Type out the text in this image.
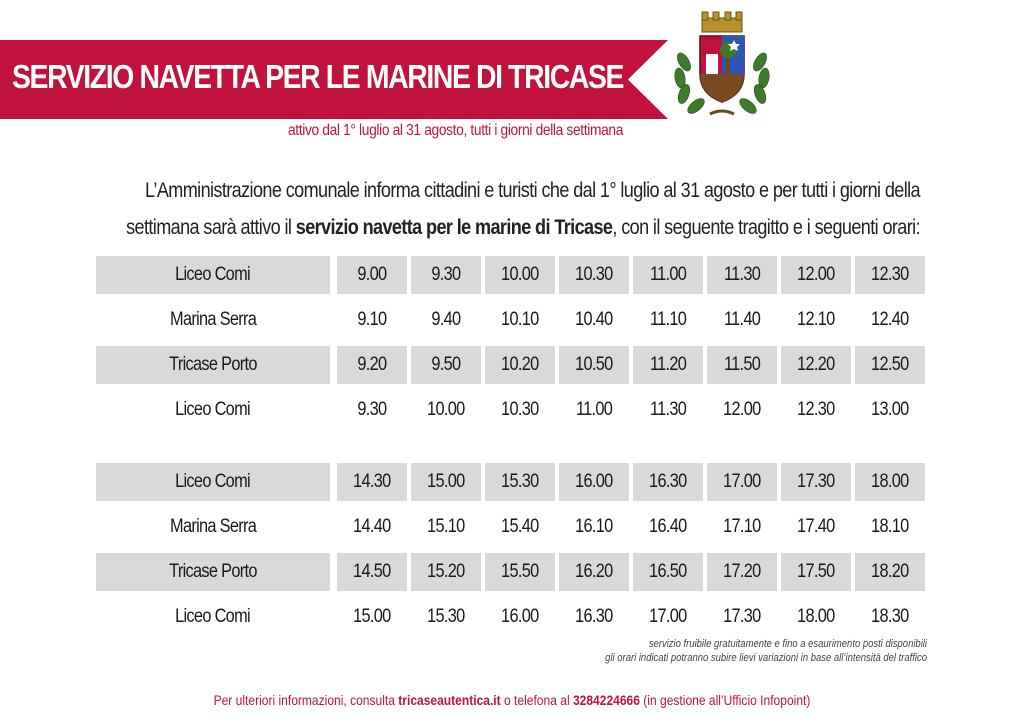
SERVIZIO NAVETTA PER LE MARINE DI TRICASE
attivo dal 1° luglio al 31 agosto, tutti i giorni della settimana

L’Amministrazione comunale informa cittadini e turisti che dal 1° luglio al 31 agosto e per tutti i giorni della

settimana sarà attivo il servizio navetta per le marine di Tricase, con il seguente tragitto e i seguenti orari:

Liceo Comi	9.00 9.30 10.00 10.30 11.00 11.30 12.00 12.30
Marina Serra	9.10 9.40 10.10 10.40 11.10 11.40 12.10 12.40
Tricase Porto	9.20 9.50 10.20 10.50 11.20 11.50 12.20 12.50
Liceo Comi	9.30 10.00 10.30 11.00 11.30 12.00 12.30 13.00
Liceo Comi	14.30 15.00 15.30 16.00 16.30 17.00 17.30 18.00
Marina Serra	14.40 15.10 15.40 16.10 16.40 17.10 17.40 18.10
Tricase Porto	14.50 15.20 15.50 16.20 16.50 17.20 17.50 18.20
Liceo Comi	15.00 15.30 16.00 16.30 17.00 17.30 18.00 18.30
servizio fruibile gratuitamente e fino a esaurimento posti disponibili
gli orari indicati potranno subire lievi variazioni in base all’intensità del traffico
Per ulteriori informazioni, consulta tricaseautentica.it o telefona al 3284224666 (in gestione all’Ufficio Infopoint)
